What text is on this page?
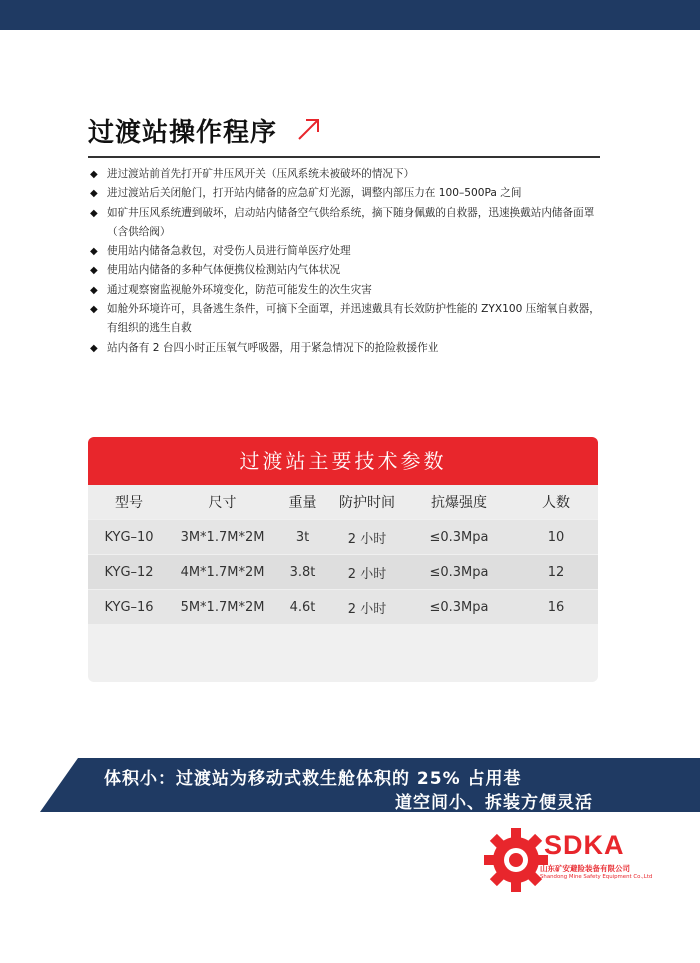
过渡站操作程序
◆ 进过渡站前首先打开矿井压风开关（压风系统未被破坏的情况下）
◆ 进过渡站后关闭舱门，打开站内储备的应急矿灯光源，调整内部压力在 100–500Pa 之间
◆ 如矿井压风系统遭到破坏，启动站内储备空气供给系统，摘下随身佩戴的自救器，迅速换戴站内储备面罩（含供给阀）
◆ 使用站内储备急救包，对受伤人员进行简单医疗处理
◆ 使用站内储备的多种气体便携仪检测站内气体状况
◆ 通过观察窗监视舱外环境变化，防范可能发生的次生灾害
◆ 如舱外环境许可，具备逃生条件，可摘下全面罩，并迅速戴具有长效防护性能的 ZYX100 压缩氧自救器，有组织的逃生自救
◆ 站内备有 2 台四小时正压氧气呼吸器，用于紧急情况下的抢险救援作业
过渡站主要技术参数
型号	尺寸	重量	防护时间	抗爆强度	人数
KYG–10	3M*1.7M*2M	3t	2 小时	≤0.3Mpa	10
KYG–12	4M*1.7M*2M	3.8t	2 小时	≤0.3Mpa	12
KYG–16	5M*1.7M*2M	4.6t	2 小时	≤0.3Mpa	16
体积小：过渡站为移动式救生舱体积的 25% 占用巷
道空间小、拆装方便灵活
SDKA
山东矿安避险装备有限公司
Shandong Mine Safety Equipment Co.,Ltd
